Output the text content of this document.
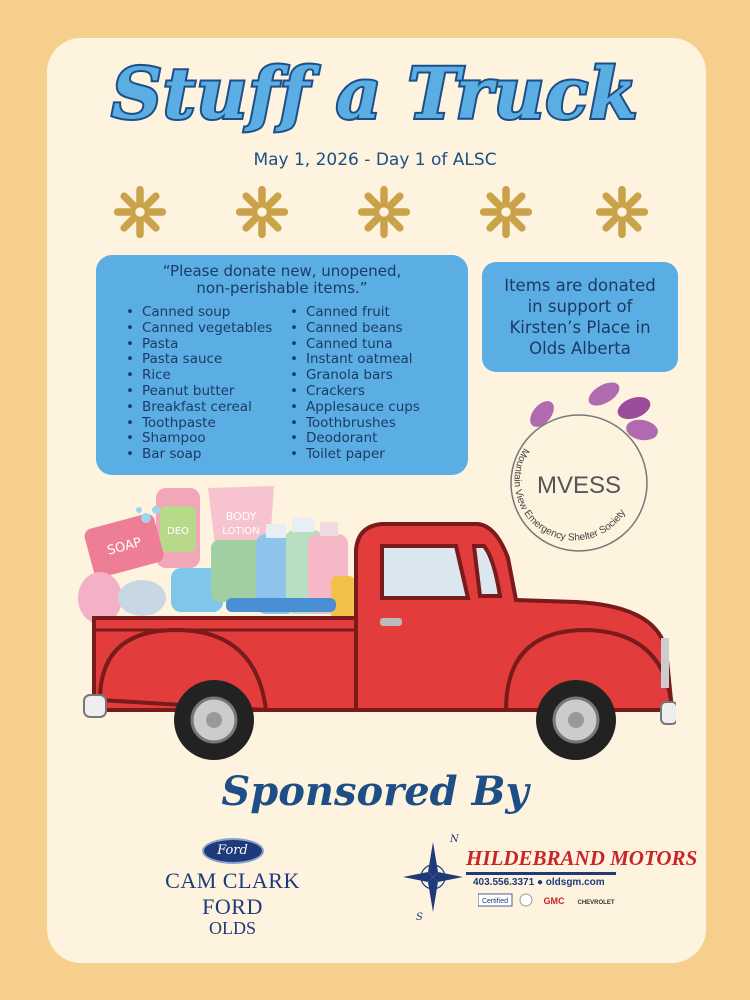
Stuff a Truck
May 1, 2026 - Day 1 of ALSC
“Please donate new, unopened,
non-perishable items.”
• Canned soup
• Canned vegetables
• Pasta
• Pasta sauce
• Rice
• Peanut butter
• Breakfast cereal
• Toothpaste
• Shampoo
• Bar soap
• Canned fruit
• Canned beans
• Canned tuna
• Instant oatmeal
• Granola bars
• Crackers
• Applesauce cups
• Toothbrushes
• Deodorant
• Toilet paper
Items are donated
in support of
Kirsten’s Place in
Olds Alberta
MVESS
Mountain View Emergency Shelter Society
DEO
BODY
LOTION
SOAP
Sponsored By
Ford
CAM CLARK FORD
OLDS
N
S
HILDEBRAND MOTORS
403.556.3371 ● oldsgm.com
Certified	GMC CHEVROLET
